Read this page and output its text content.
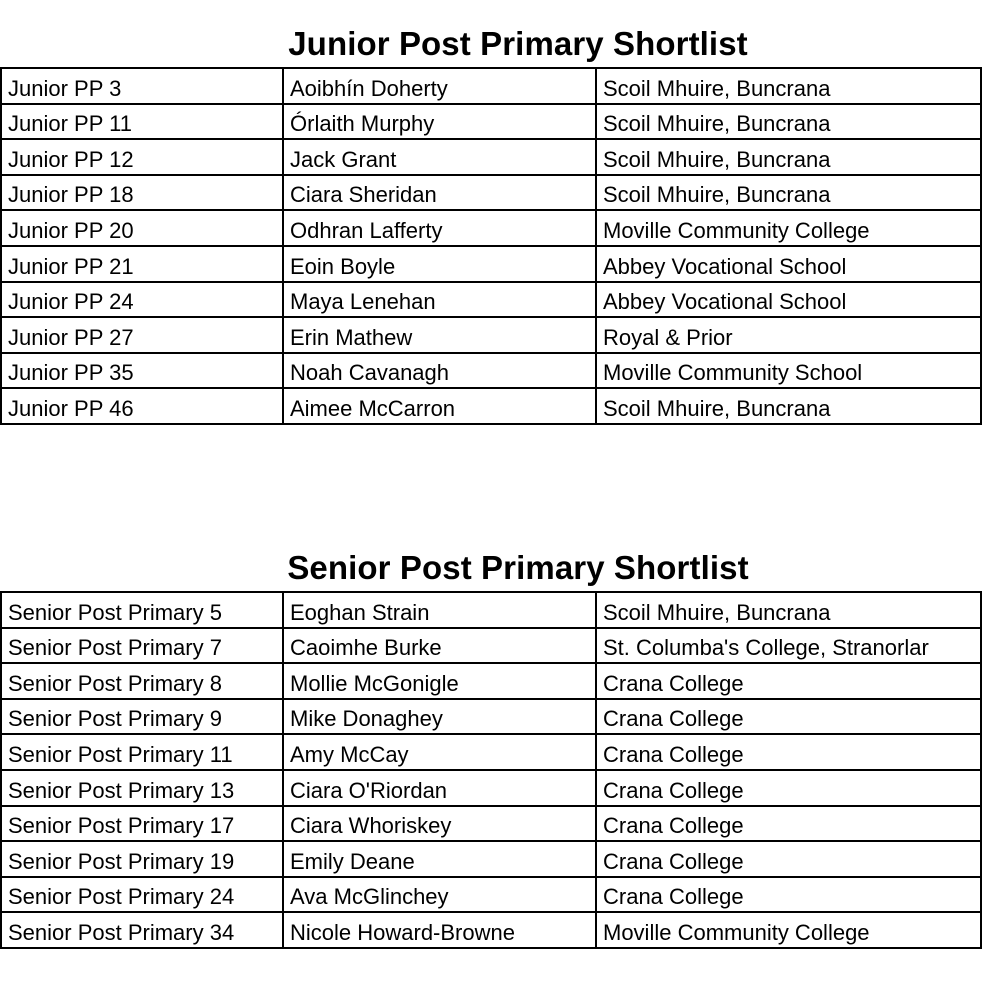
Junior Post Primary Shortlist
Junior PP 3	Aoibhín Doherty	Scoil Mhuire, Buncrana
Junior PP 11	Órlaith Murphy	Scoil Mhuire, Buncrana
Junior PP 12	Jack Grant	Scoil Mhuire, Buncrana
Junior PP 18	Ciara Sheridan	Scoil Mhuire, Buncrana
Junior PP 20	Odhran Lafferty	Moville Community College
Junior PP 21	Eoin Boyle	Abbey Vocational School
Junior PP 24	Maya Lenehan	Abbey Vocational School
Junior PP 27	Erin Mathew	Royal & Prior
Junior PP 35	Noah Cavanagh	Moville Community School
Junior PP 46	Aimee McCarron	Scoil Mhuire, Buncrana
Senior Post Primary Shortlist
Senior Post Primary 5	Eoghan Strain	Scoil Mhuire, Buncrana
Senior Post Primary 7	Caoimhe Burke	St. Columba's College, Stranorlar
Senior Post Primary 8	Mollie McGonigle	Crana College
Senior Post Primary 9	Mike Donaghey	Crana College
Senior Post Primary 11	Amy McCay	Crana College
Senior Post Primary 13	Ciara O'Riordan	Crana College
Senior Post Primary 17	Ciara Whoriskey	Crana College
Senior Post Primary 19	Emily Deane	Crana College
Senior Post Primary 24	Ava McGlinchey	Crana College
Senior Post Primary 34	Nicole Howard-Browne	Moville Community College
